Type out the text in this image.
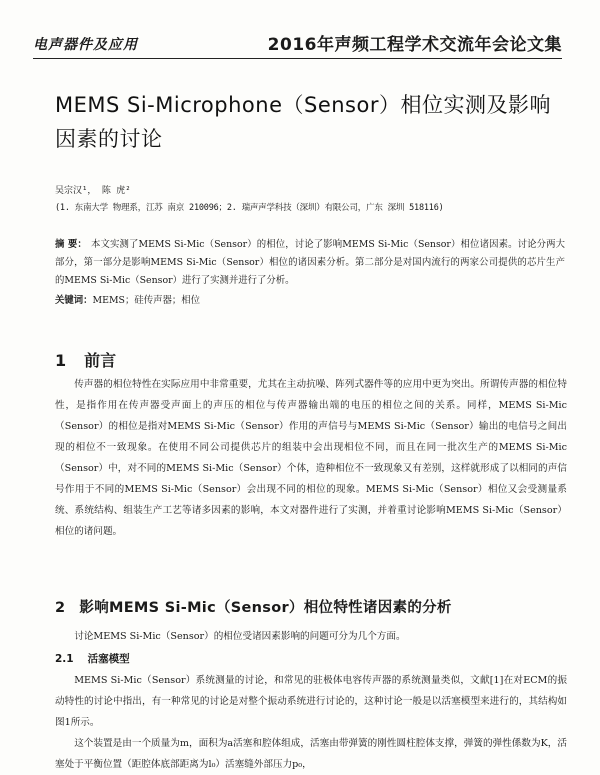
电声器件及应用	2016年声频工程学术交流年会论文集
MEMS Si-Microphone（Sensor）相位实测及影响因素的讨论
吴宗汉¹， 陈 虎²
(1. 东南大学 物理系，江苏 南京 210096；2. 瑞声声学科技（深圳）有限公司，广东 深圳 518116)
摘 要： 本文实测了MEMS Si-Mic（Sensor）的相位，讨论了影响MEMS Si-Mic（Sensor）相位诸因素。讨论分两大部分，第一部分是影响MEMS Si-Mic（Sensor）相位的诸因素分析。第二部分是对国内流行的两家公司提供的芯片生产的MEMS Si-Mic（Sensor）进行了实测并进行了分析。
关键词：MEMS；硅传声器；相位
1 前言
传声器的相位特性在实际应用中非常重要，尤其在主动抗噪、阵列式器件等的应用中更为突出。所谓传声器的相位特性，是指作用在传声器受声面上的声压的相位与传声器输出端的电压的相位之间的关系。同样，MEMS Si-Mic（Sensor）的相位是指对MEMS Si-Mic（Sensor）作用的声信号与MEMS Si-Mic（Sensor）输出的电信号之间出现的相位不一致现象。在使用不同公司提供芯片的组装中会出现相位不同，而且在同一批次生产的MEMS Si-Mic（Sensor）中，对不同的MEMS Si-Mic（Sensor）个体，造种相位不一致现象又有差别，这样就形成了以相同的声信号作用于不同的MEMS Si-Mic（Sensor）会出现不同的相位的现象。MEMS Si-Mic（Sensor）相位又会受测量系统、系统结构、组装生产工艺等诸多因素的影响，本文对器件进行了实测，并着重讨论影响MEMS Si-Mic（Sensor）相位的诸问题。
2 影响MEMS Si-Mic（Sensor）相位特性诸因素的分析
讨论MEMS Si-Mic（Sensor）的相位受诸因素影响的问题可分为几个方面。
2.1 活塞模型
MEMS Si-Mic（Sensor）系统测量的讨论，和常见的驻极体电容传声器的系统测量类似，文献[1]在对ECM的振动特性的讨论中指出，有一种常见的讨论是对整个振动系统进行讨论的，这种讨论一般是以活塞模型来进行的，其结构如图1所示。
这个装置是由一个质量为m，面积为a活塞和腔体组成，活塞由带弹簧的刚性圆柱腔体支撑，弹簧的弹性係数为K，活塞处于平衡位置（距腔体底部距离为l₀）活塞缝外部压力p₀，
